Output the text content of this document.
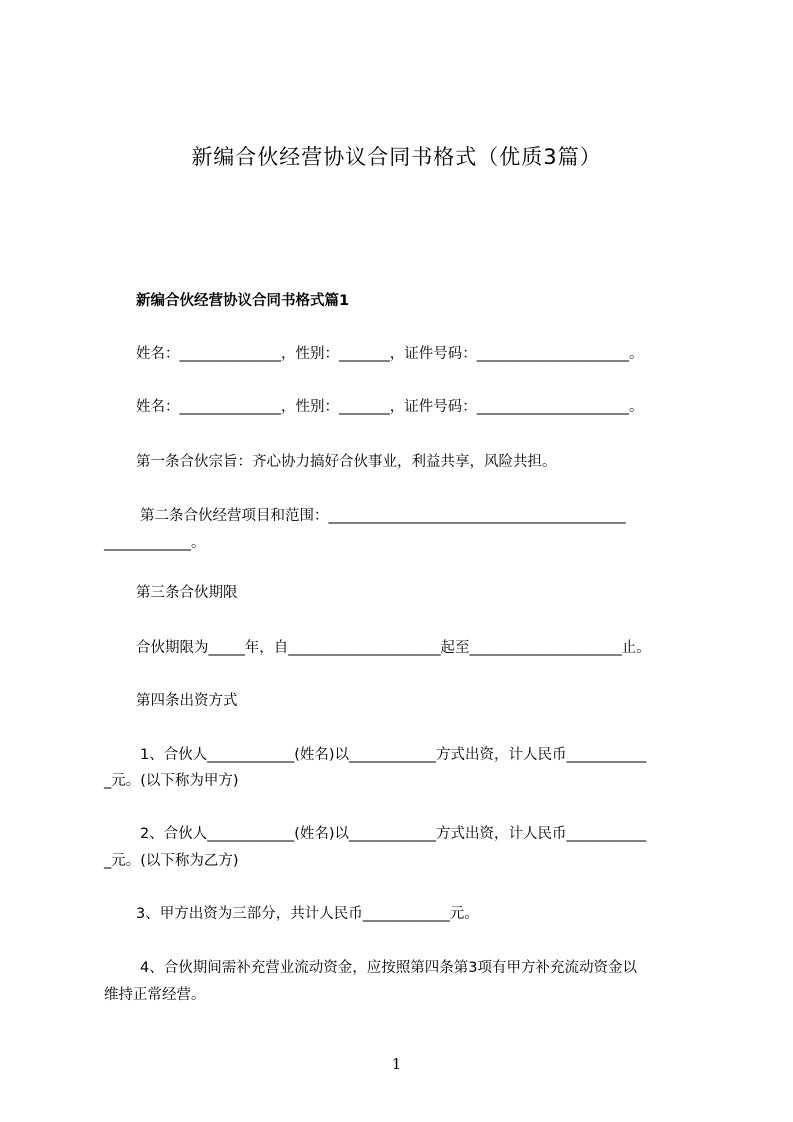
新编合伙经营协议合同书格式（优质3篇）
新编合伙经营协议合同书格式篇1
姓名：______________，性别：_______，证件号码：_____________________。
姓名：______________，性别：_______，证件号码：_____________________。
第一条合伙宗旨：齐心协力搞好合伙事业，利益共享，风险共担。
第二条合伙经营项目和范围：_________________________________________
____________。
第三条合伙期限
合伙期限为_____年，自_____________________起至_____________________止。
第四条出资方式
1、合伙人____________(姓名)以____________方式出资，计人民币___________
_元。(以下称为甲方)
2、合伙人____________(姓名)以____________方式出资，计人民币___________
_元。(以下称为乙方)
3、甲方出资为三部分，共计人民币____________元。
4、合伙期间需补充营业流动资金，应按照第四条第3项有甲方补充流动资金以
维持正常经营。
1
